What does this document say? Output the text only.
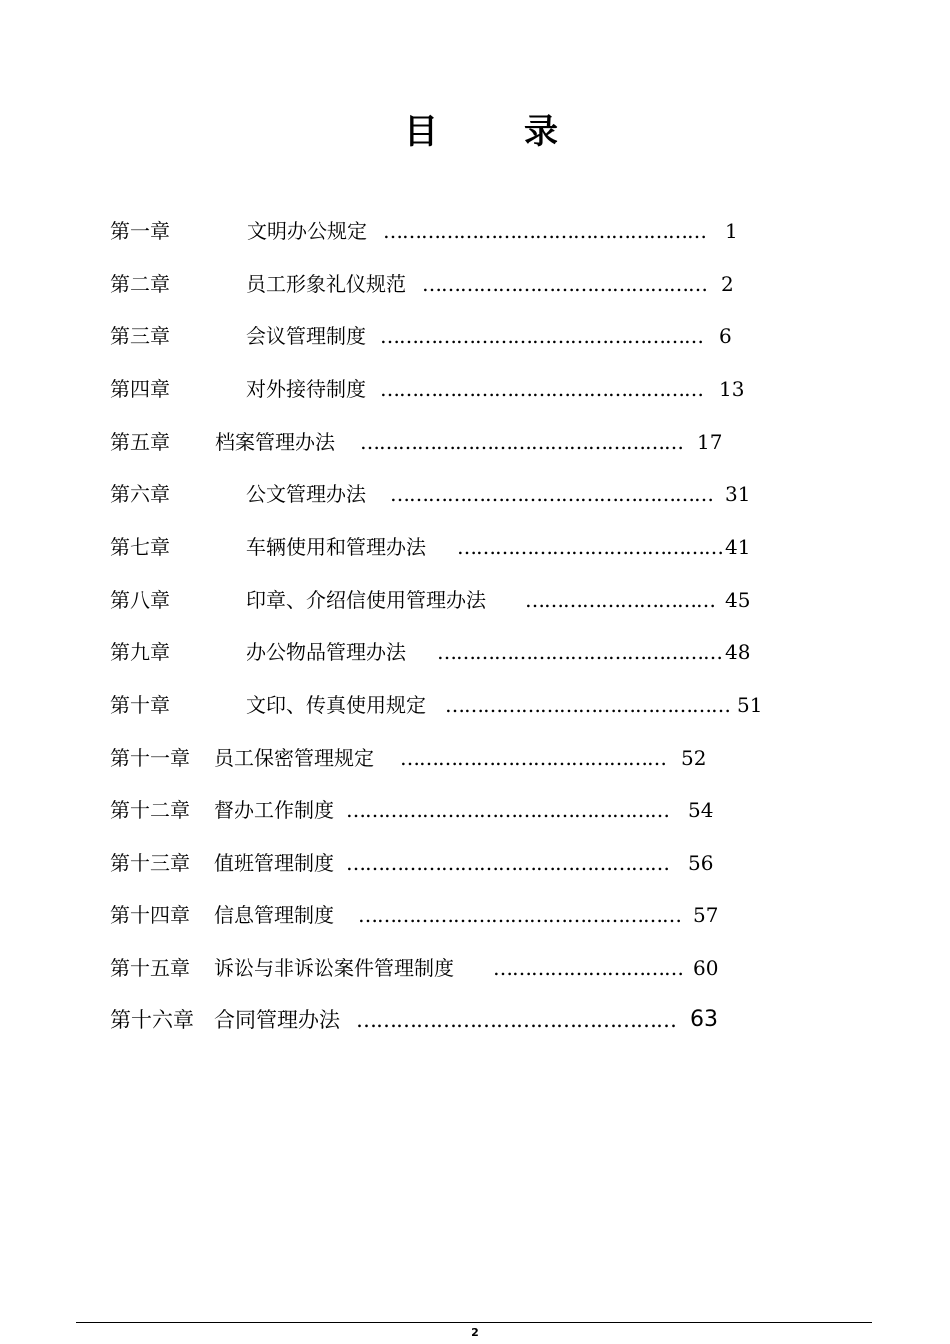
目	录
第一章	文明办公规定 …………………………………………… 1
第二章	员工形象礼仪规范 ……………………………………… 2
第三章	会议管理制度 …………………………………………… 6
第四章	对外接待制度 …………………………………………… 13
第五章 档案管理办法 …………………………………………… 17
第六章	公文管理办法 …………………………………………… 31
第七章	车辆使用和管理办法 …………………………………… 41
第八章	印章、介绍信使用管理办法 ………………………… 45
第九章	办公物品管理办法 ……………………………………… 48
第十章	文印、传真使用规定 ……………………………………… 51
第十一章 员工保密管理规定 …………………………………… 52
第十二章 督办工作制度 …………………………………………… 54
第十三章 值班管理制度 …………………………………………… 56
第十四章 信息管理制度 …………………………………………… 57
第十五章 诉讼与非诉讼案件管理制度 ………………………… 60
第十六章 合同管理办法 ………………………………………… 63
2
